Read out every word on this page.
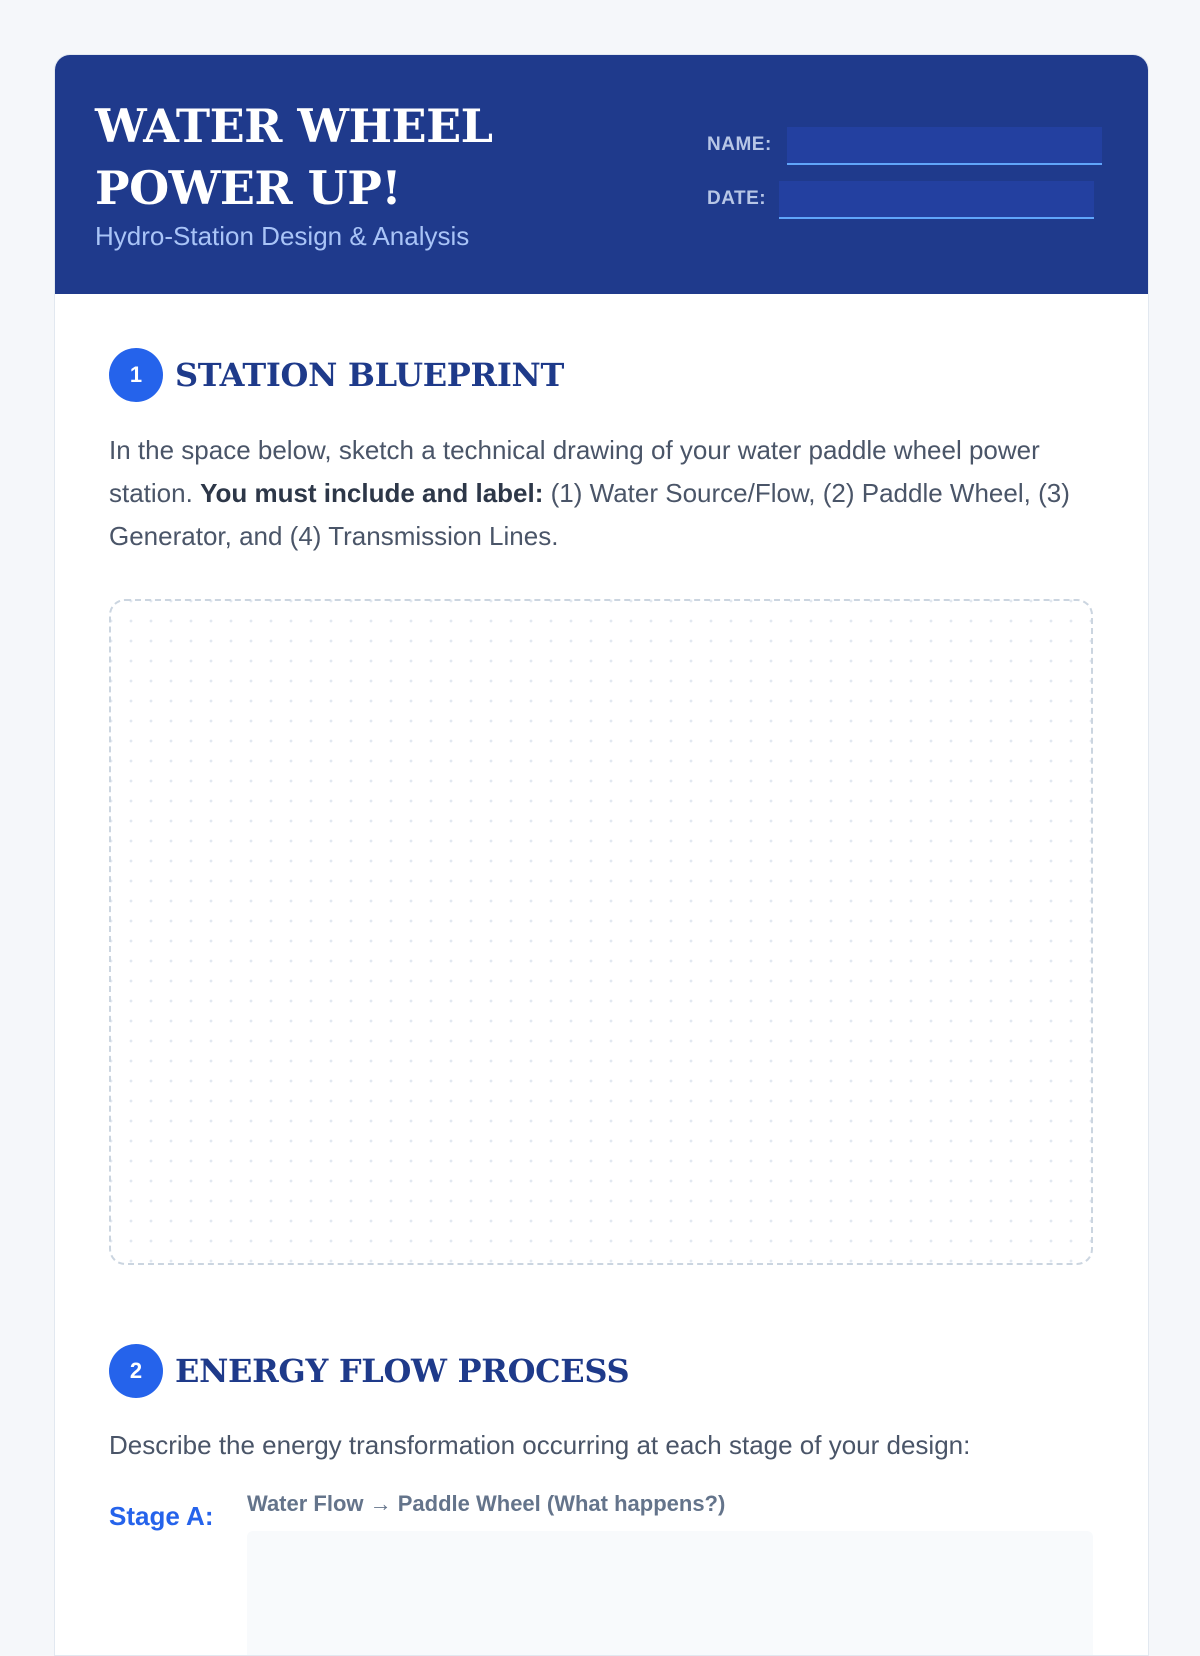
WATER WHEEL POWER UP!

Hydro-Station Design & Analysis

NAME:
DATE:
1	STATION BLUEPRINT

In the space below, sketch a technical drawing of your water paddle wheel power station. You must include and label: (1) Water Source/Flow, (2) Paddle Wheel, (3) Generator, and (4) Transmission Lines.

2	ENERGY FLOW PROCESS

Describe the energy transformation occurring at each stage of your design:

Stage A: Water Flow → Paddle Wheel (What happens?)
